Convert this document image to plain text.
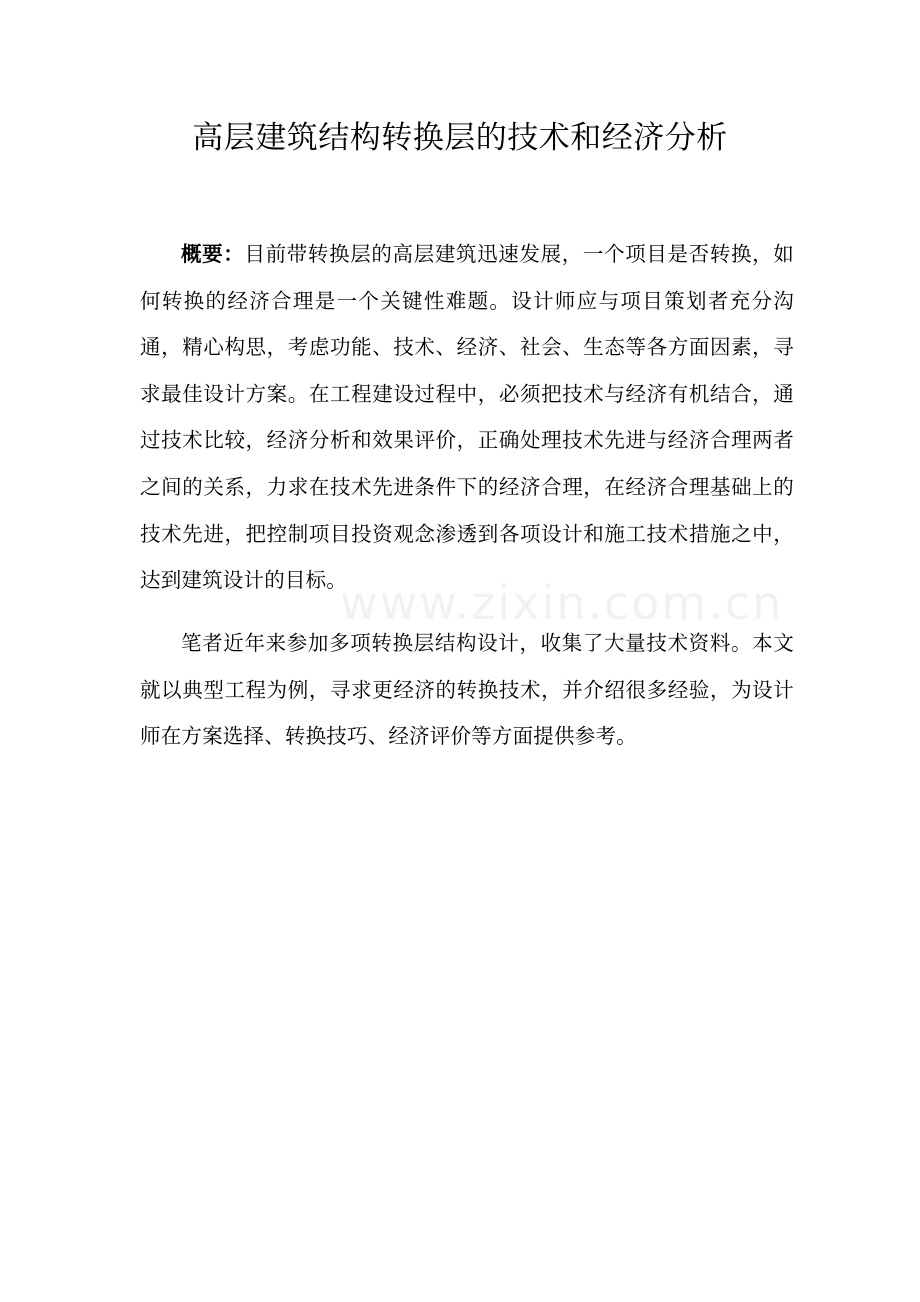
高层建筑结构转换层的技术和经济分析

概要：目前带转换层的高层建筑迅速发展，一个项目是否转换，如何转换的经济合理是一个关键性难题。设计师应与项目策划者充分沟通，精心构思，考虑功能、技术、经济、社会、生态等各方面因素，寻求最佳设计方案。在工程建设过程中，必须把技术与经济有机结合，通过技术比较，经济分析和效果评价，正确处理技术先进与经济合理两者之间的关系，力求在技术先进条件下的经济合理，在经济合理基础上的技术先进，把控制项目投资观念渗透到各项设计和施工技术措施之中，达到建筑设计的目标。

笔者近年来参加多项转换层结构设计，收集了大量技术资料。本文就以典型工程为例，寻求更经济的转换技术，并介绍很多经验，为设计师在方案选择、转换技巧、经济评价等方面提供参考。

www.zixin.com.cn
